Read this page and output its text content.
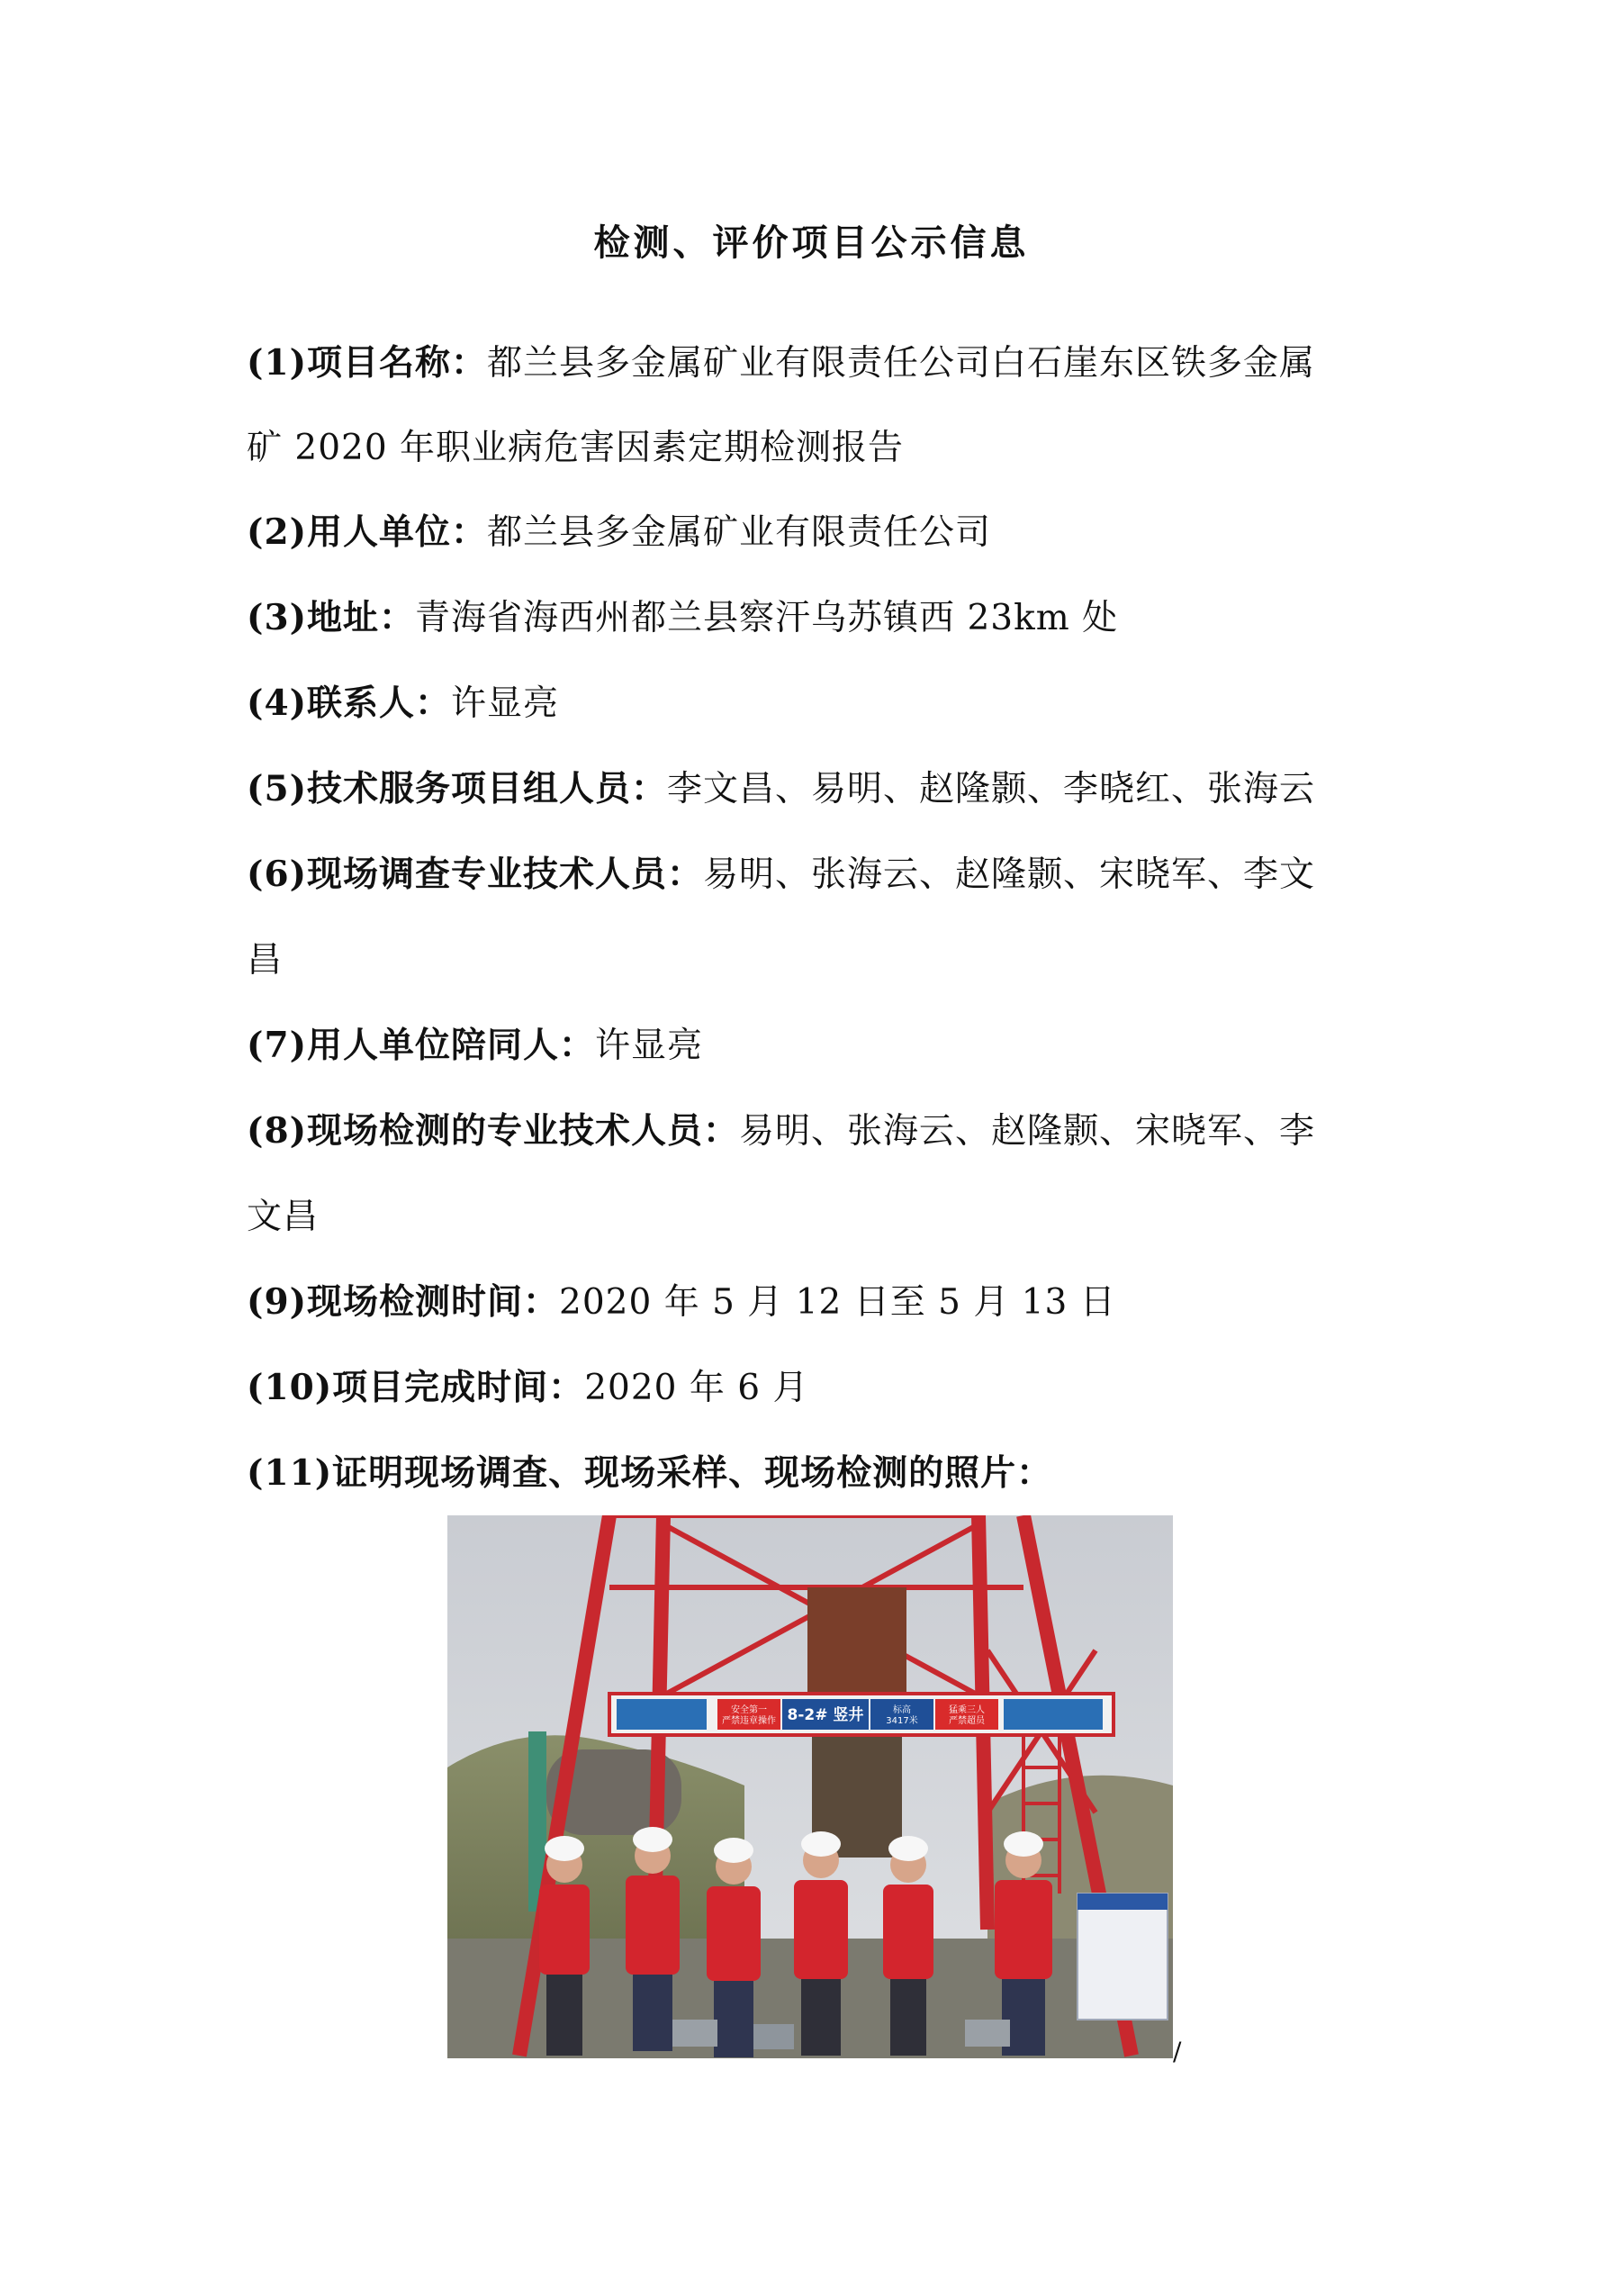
检测、评价项目公示信息
(1)项目名称：都兰县多金属矿业有限责任公司白石崖东区铁多金属
矿 2020 年职业病危害因素定期检测报告
(2)用人单位：都兰县多金属矿业有限责任公司
(3)地址：青海省海西州都兰县察汗乌苏镇西 23km 处
(4)联系人：许显亮
(5)技术服务项目组人员：李文昌、易明、赵隆颢、李晓红、张海云
(6)现场调查专业技术人员：易明、张海云、赵隆颢、宋晓军、李文
昌
(7)用人单位陪同人：许显亮
(8)现场检测的专业技术人员：易明、张海云、赵隆颢、宋晓军、李
文昌
(9)现场检测时间：2020 年 5 月 12 日至 5 月 13 日
(10)项目完成时间：2020 年 6 月
(11)证明现场调查、现场采样、现场检测的照片：
安全第一严禁违章操作 8-2# 竖井	标高 3417米
猛乘三人严禁超员
/
